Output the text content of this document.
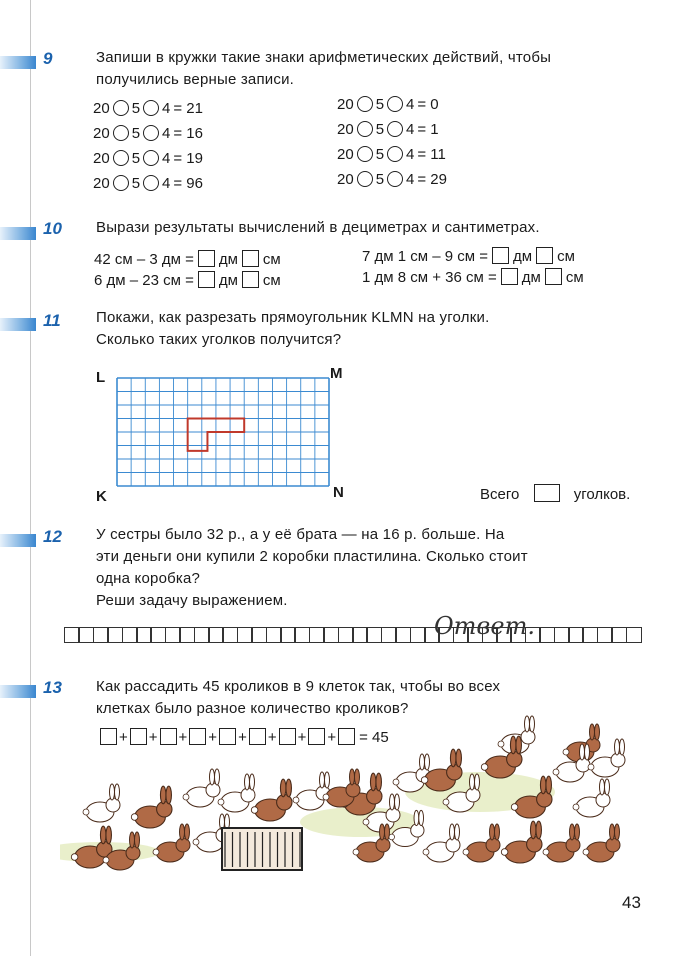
9	Запиши в кружки такие знаки арифметических действий, чтобы
получились верные записи.
20 5 4 = 21
20 5 4 = 16
20 5 4 = 19
20 5 4 = 96
20 5 4 = 0
20 5 4 = 1
20 5 4 = 11
20 5 4 = 29
10 Вырази результаты вычислений в дециметрах и сантиметрах.
42 см – 3 дм = дм см
6 дм – 23 см = дм см
7 дм 1 см – 9 см = дм см
1 дм 8 см + 36 см = дм см
11 Покажи, как разрезать прямоугольник KLMN на уголки.
Сколько таких уголков получится?
L	M
K	N	Всего	уголков.
12 У сестры было 32 р., а у её брата — на 16 р. больше. На
эти деньги они купили 2 коробки пластилина. Сколько стоит
одна коробка?
Реши задачу выражением.
Ответ.
13 Как рассадить 45 кроликов в 9 клеток так, чтобы во всех
клетках было разное количество кроликов?
+ + + + + + + + = 45
43
